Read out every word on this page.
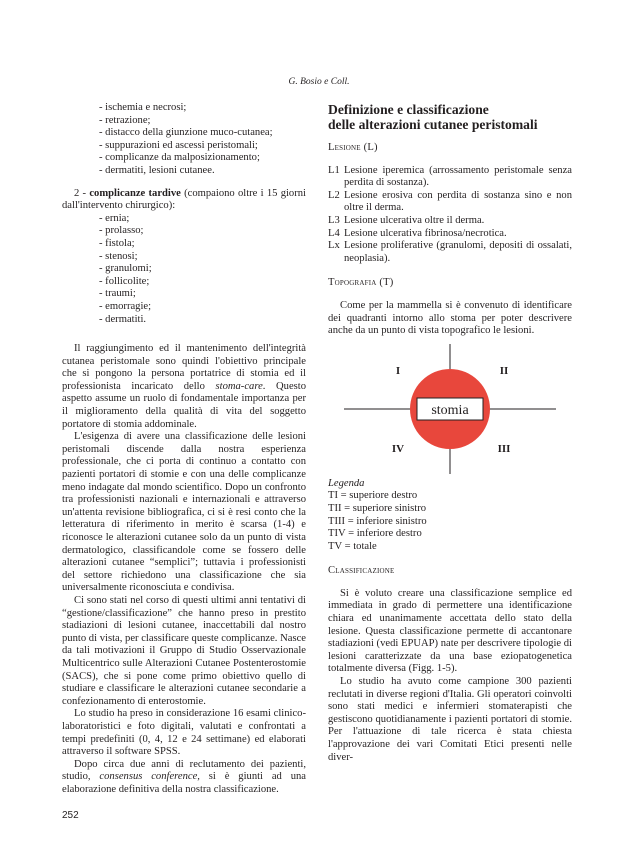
G. Bosio e Coll.
- ischemia e necrosi;
- retrazione;
- distacco della giunzione muco-cutanea;
- suppurazioni ed ascessi peristomali;
- complicanze da malposizionamento;
- dermatiti, lesioni cutanee.

2 - complicanze tardive (compaiono oltre i 15 giorni dall'intervento chirurgico):

- ernia;
- prolasso;
- fistola;
- stenosi;
- granulomi;
- follicolite;
- traumi;
- emorragie;
- dermatiti.

Il raggiungimento ed il mantenimento dell'integrità cutanea peristomale sono quindi l'obiettivo principale che si pongono la persona portatrice di stomia ed il professionista incaricato dello stoma-care. Questo aspetto assume un ruolo di fondamentale importanza per il miglioramento della qualità di vita del soggetto portatore di stomia addominale.

L'esigenza di avere una classificazione delle lesioni peristomali discende dalla nostra esperienza professionale, che ci porta di continuo a contatto con pazienti portatori di stomie e con una delle complicanze meno indagate dal mondo scientifico. Dopo un confronto tra professionisti nazionali e internazionali e attraverso un'attenta revisione bibliografica, ci si è resi conto che la letteratura di riferimento in merito è scarsa (1-4) e riconosce le alterazioni cutanee solo da un punto di vista dermatologico, classificandole come se fossero delle alterazioni cutanee “semplici”; tuttavia i professionisti del settore richiedono una classificazione che sia universalmente riconosciuta e condivisa.

Ci sono stati nel corso di questi ultimi anni tentativi di “gestione/classificazione” che hanno preso in prestito stadiazioni di lesioni cutanee, inaccettabili dal nostro punto di vista, per classificare queste complicanze. Nasce da tali motivazioni il Gruppo di Studio Osservazionale Multicentrico sulle Alterazioni Cutanee Postenterostomie (SACS), che si pone come primo obiettivo quello di studiare e classificare le alterazioni cutanee secondarie a confezionamento di enterostomie.

Lo studio ha preso in considerazione 16 esami clinico-laboratoristici e foto digitali, valutati e confrontati a tempi predefiniti (0, 4, 12 e 24 settimane) ed elaborati attraverso il software SPSS.

Dopo circa due anni di reclutamento dei pazienti, studio, consensus conference, si è giunti ad una elaborazione definitiva della nostra classificazione.

Definizione e classificazione
delle alterazioni cutanee peristomali

Lesione (L)

L1 Lesione iperemica (arrossamento peristomale senza perdita di sostanza).
L2 Lesione erosiva con perdita di sostanza sino e non oltre il derma.
L3 Lesione ulcerativa oltre il derma.
L4 Lesione ulcerativa fibrinosa/necrotica.
Lx Lesione proliferative (granulomi, depositi di ossalati, neoplasia).

Topografia (T)

Come per la mammella si è convenuto di identificare dei quadranti intorno allo stoma per poter descrivere anche da un punto di vista topografico le lesioni.

stomia
I	II
IV	III

Legenda

TI = superiore destro

TII = superiore sinistro

TIII = inferiore sinistro

TIV = inferiore destro

TV = totale

Classificazione

Si è voluto creare una classificazione semplice ed immediata in grado di permettere una identificazione chiara ed unanimamente accettata dello stato della lesione. Questa classificazione permette di accantonare stadiazioni (vedi EPUAP) nate per descrivere tipologie di lesioni caratterizzate da una base eziopatogenetica totalmente diversa (Figg. 1-5).

Lo studio ha avuto come campione 300 pazienti reclutati in diverse regioni d'Italia. Gli operatori coinvolti sono stati medici e infermieri stomaterapisti che gestiscono quotidianamente i pazienti portatori di stomie. Per l'attuazione di tale ricerca è stata chiesta l'approvazione dei vari Comitati Etici presenti nelle diver-

252
